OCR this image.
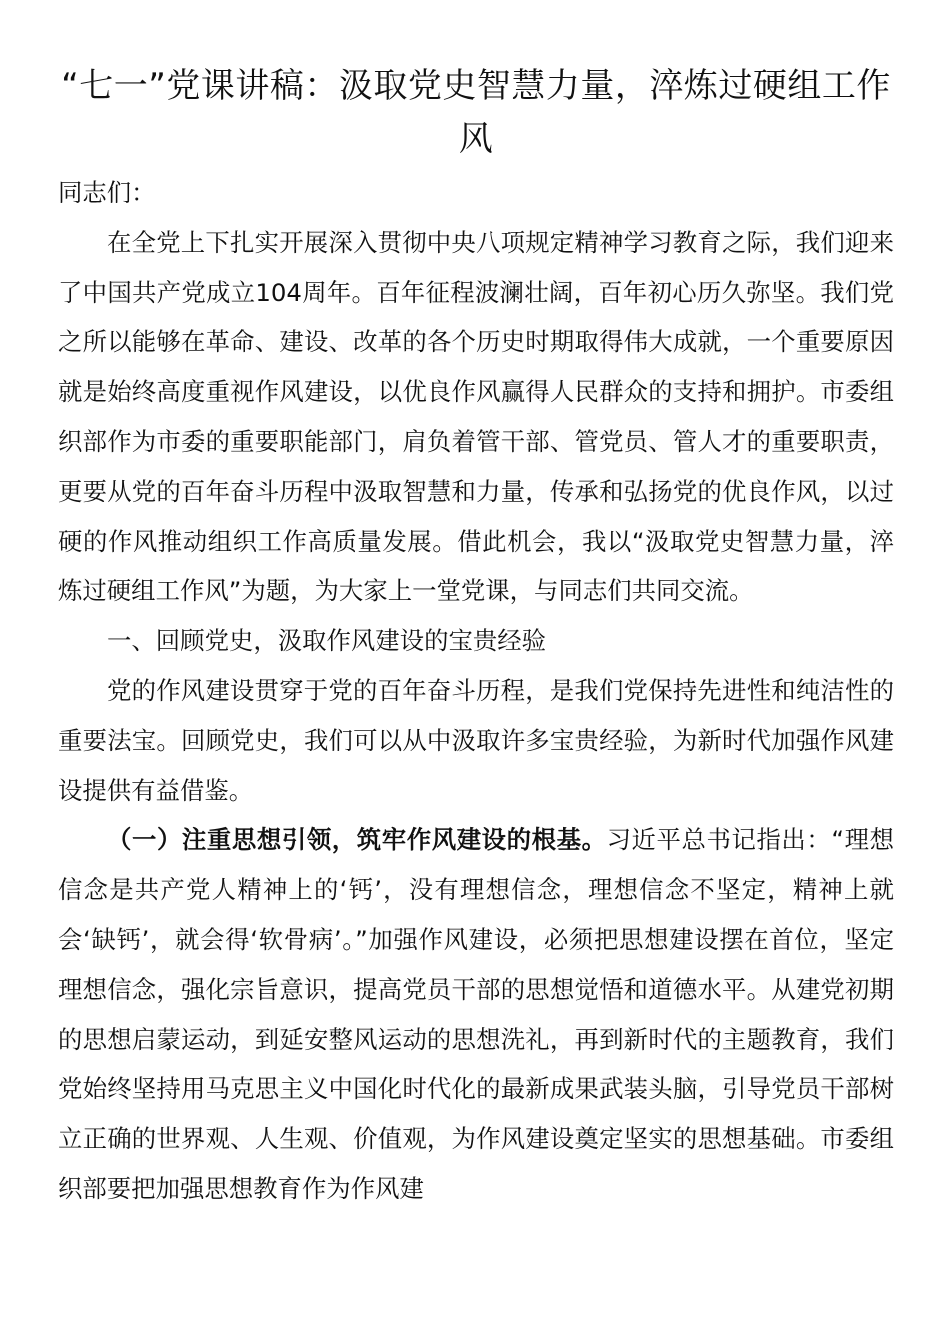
“七一”党课讲稿：汲取党史智慧力量，淬炼过硬组工作风

同志们：

在全党上下扎实开展深入贯彻中央八项规定精神学习教育之际，我们迎来了中国共产党成立104周年。百年征程波澜壮阔，百年初心历久弥坚。我们党之所以能够在革命、建设、改革的各个历史时期取得伟大成就，一个重要原因就是始终高度重视作风建设，以优良作风赢得人民群众的支持和拥护。市委组织部作为市委的重要职能部门，肩负着管干部、管党员、管人才的重要职责，更要从党的百年奋斗历程中汲取智慧和力量，传承和弘扬党的优良作风，以过硬的作风推动组织工作高质量发展。借此机会，我以“汲取党史智慧力量，淬炼过硬组工作风”为题，为大家上一堂党课，与同志们共同交流。

一、回顾党史，汲取作风建设的宝贵经验

党的作风建设贯穿于党的百年奋斗历程，是我们党保持先进性和纯洁性的重要法宝。回顾党史，我们可以从中汲取许多宝贵经验，为新时代加强作风建设提供有益借鉴。

（一）注重思想引领，筑牢作风建设的根基。习近平总书记指出：“理想信念是共产党人精神上的‘钙’，没有理想信念，理想信念不坚定，精神上就会‘缺钙’，就会得‘软骨病’。”加强作风建设，必须把思想建设摆在首位，坚定理想信念，强化宗旨意识，提高党员干部的思想觉悟和道德水平。从建党初期的思想启蒙运动，到延安整风运动的思想洗礼，再到新时代的主题教育，我们党始终坚持用马克思主义中国化时代化的最新成果武装头脑，引导党员干部树立正确的世界观、人生观、价值观，为作风建设奠定坚实的思想基础。市委组织部要把加强思想教育作为作风建
